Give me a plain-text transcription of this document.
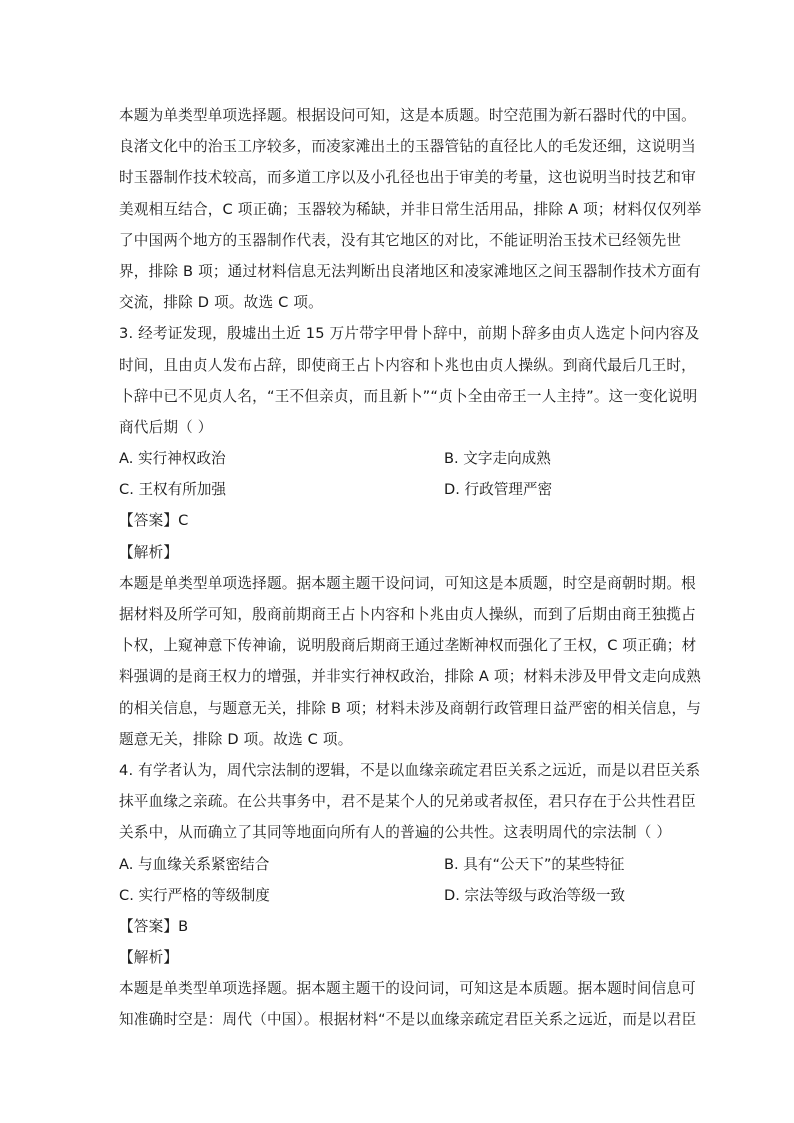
本题为单类型单项选择题。根据设问可知，这是本质题。时空范围为新石器时代的中国。
良渚文化中的治玉工序较多，而凌家滩出土的玉器管钻的直径比人的毛发还细，这说明当
时玉器制作技术较高，而多道工序以及小孔径也出于审美的考量，这也说明当时技艺和审
美观相互结合，C 项正确；玉器较为稀缺，并非日常生活用品，排除 A 项；材料仅仅列举
了中国两个地方的玉器制作代表，没有其它地区的对比，不能证明治玉技术已经领先世
界，排除 B 项；通过材料信息无法判断出良渚地区和凌家滩地区之间玉器制作技术方面有
交流，排除 D 项。故选 C 项。
3. 经考证发现，殷墟出土近 15 万片带字甲骨卜辞中，前期卜辞多由贞人选定卜问内容及
时间，且由贞人发布占辞，即使商王占卜内容和卜兆也由贞人操纵。到商代最后几王时，
卜辞中已不见贞人名，“王不但亲贞，而且新卜”“贞卜全由帝王一人主持”。这一变化说明
商代后期（ ）
A. 实行神权政治	B. 文字走向成熟
C. 王权有所加强	D. 行政管理严密
【答案】C
【解析】
本题是单类型单项选择题。据本题主题干设问词，可知这是本质题，时空是商朝时期。根
据材料及所学可知，殷商前期商王占卜内容和卜兆由贞人操纵，而到了后期由商王独揽占
卜权，上窥神意下传神谕，说明殷商后期商王通过垄断神权而强化了王权，C 项正确；材
料强调的是商王权力的增强，并非实行神权政治，排除 A 项；材料未涉及甲骨文走向成熟
的相关信息，与题意无关，排除 B 项；材料未涉及商朝行政管理日益严密的相关信息，与
题意无关，排除 D 项。故选 C 项。
4. 有学者认为，周代宗法制的逻辑，不是以血缘亲疏定君臣关系之远近，而是以君臣关系
抹平血缘之亲疏。在公共事务中，君不是某个人的兄弟或者叔侄，君只存在于公共性君臣
关系中，从而确立了其同等地面向所有人的普遍的公共性。这表明周代的宗法制（ ）
A. 与血缘关系紧密结合	B. 具有“公天下”的某些特征
C. 实行严格的等级制度	D. 宗法等级与政治等级一致
【答案】B
【解析】
本题是单类型单项选择题。据本题主题干的设问词，可知这是本质题。据本题时间信息可
知准确时空是：周代（中国）。根据材料“不是以血缘亲疏定君臣关系之远近，而是以君臣
